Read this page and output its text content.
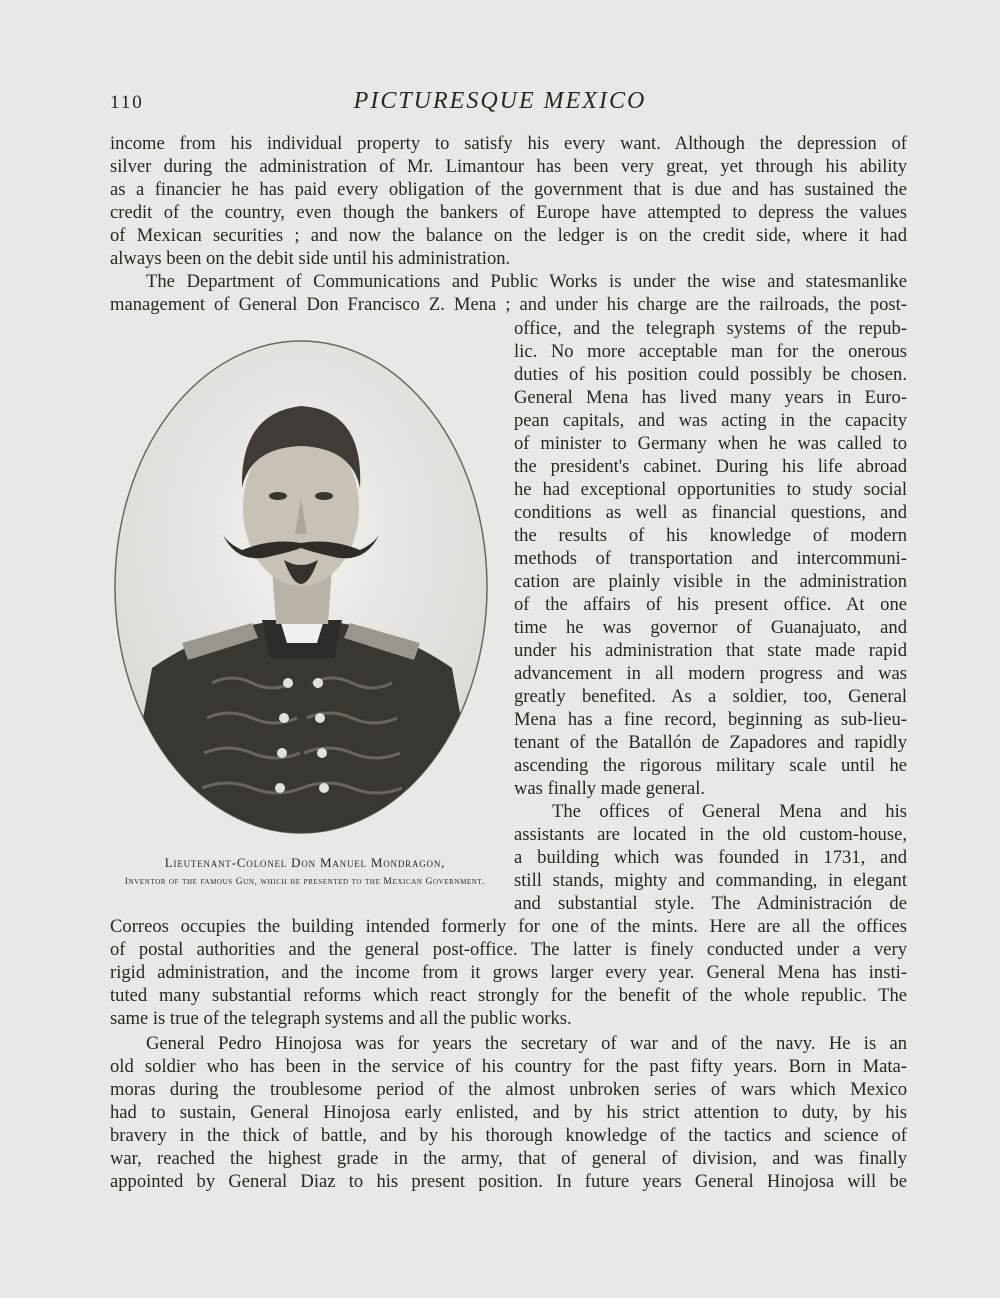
110	PICTURESQUE MEXICO

income from his individual property to satisfy his every want. Although the depression of

silver during the administration of Mr. Limantour has been very great, yet through his ability

as a financier he has paid every obligation of the government that is due and has sustained the

credit of the country, even though the bankers of Europe have attempted to depress the values

of Mexican securities ; and now the balance on the ledger is on the credit side, where it had

always been on the debit side until his administration.

The Department of Communications and Public Works is under the wise and statesmanlike

management of General Don Francisco Z. Mena ; and under his charge are the railroads, the post-

office, and the telegraph systems of the repub-

lic. No more acceptable man for the onerous

duties of his position could possibly be chosen.

General Mena has lived many years in Euro-

pean capitals, and was acting in the capacity

of minister to Germany when he was called to

the president's cabinet. During his life abroad

he had exceptional opportunities to study social

conditions as well as financial questions, and

the results of his knowledge of modern

methods of transportation and intercommuni-

cation are plainly visible in the administration

of the affairs of his present office. At one

time he was governor of Guanajuato, and

under his administration that state made rapid

advancement in all modern progress and was

greatly benefited. As a soldier, too, General

Mena has a fine record, beginning as sub-lieu-

tenant of the Batallón de Zapadores and rapidly

ascending the rigorous military scale until he

was finally made general.

The offices of General Mena and his

assistants are located in the old custom-house,

a building which was founded in 1731, and

still stands, mighty and commanding, in elegant

and substantial style. The Administración de

Correos occupies the building intended formerly for one of the mints. Here are all the offices

of postal authorities and the general post-office. The latter is finely conducted under a very

rigid administration, and the income from it grows larger every year. General Mena has insti-

tuted many substantial reforms which react strongly for the benefit of the whole republic. The

same is true of the telegraph systems and all the public works.

General Pedro Hinojosa was for years the secretary of war and of the navy. He is an

old soldier who has been in the service of his country for the past fifty years. Born in Mata-

moras during the troublesome period of the almost unbroken series of wars which Mexico

had to sustain, General Hinojosa early enlisted, and by his strict attention to duty, by his

bravery in the thick of battle, and by his thorough knowledge of the tactics and science of

war, reached the highest grade in the army, that of general of division, and was finally

appointed by General Diaz to his present position. In future years General Hinojosa will be

Lieutenant-Colonel Don Manuel Mondragon,
Inventor of the famous Gun, which he presented to the Mexican Government.
